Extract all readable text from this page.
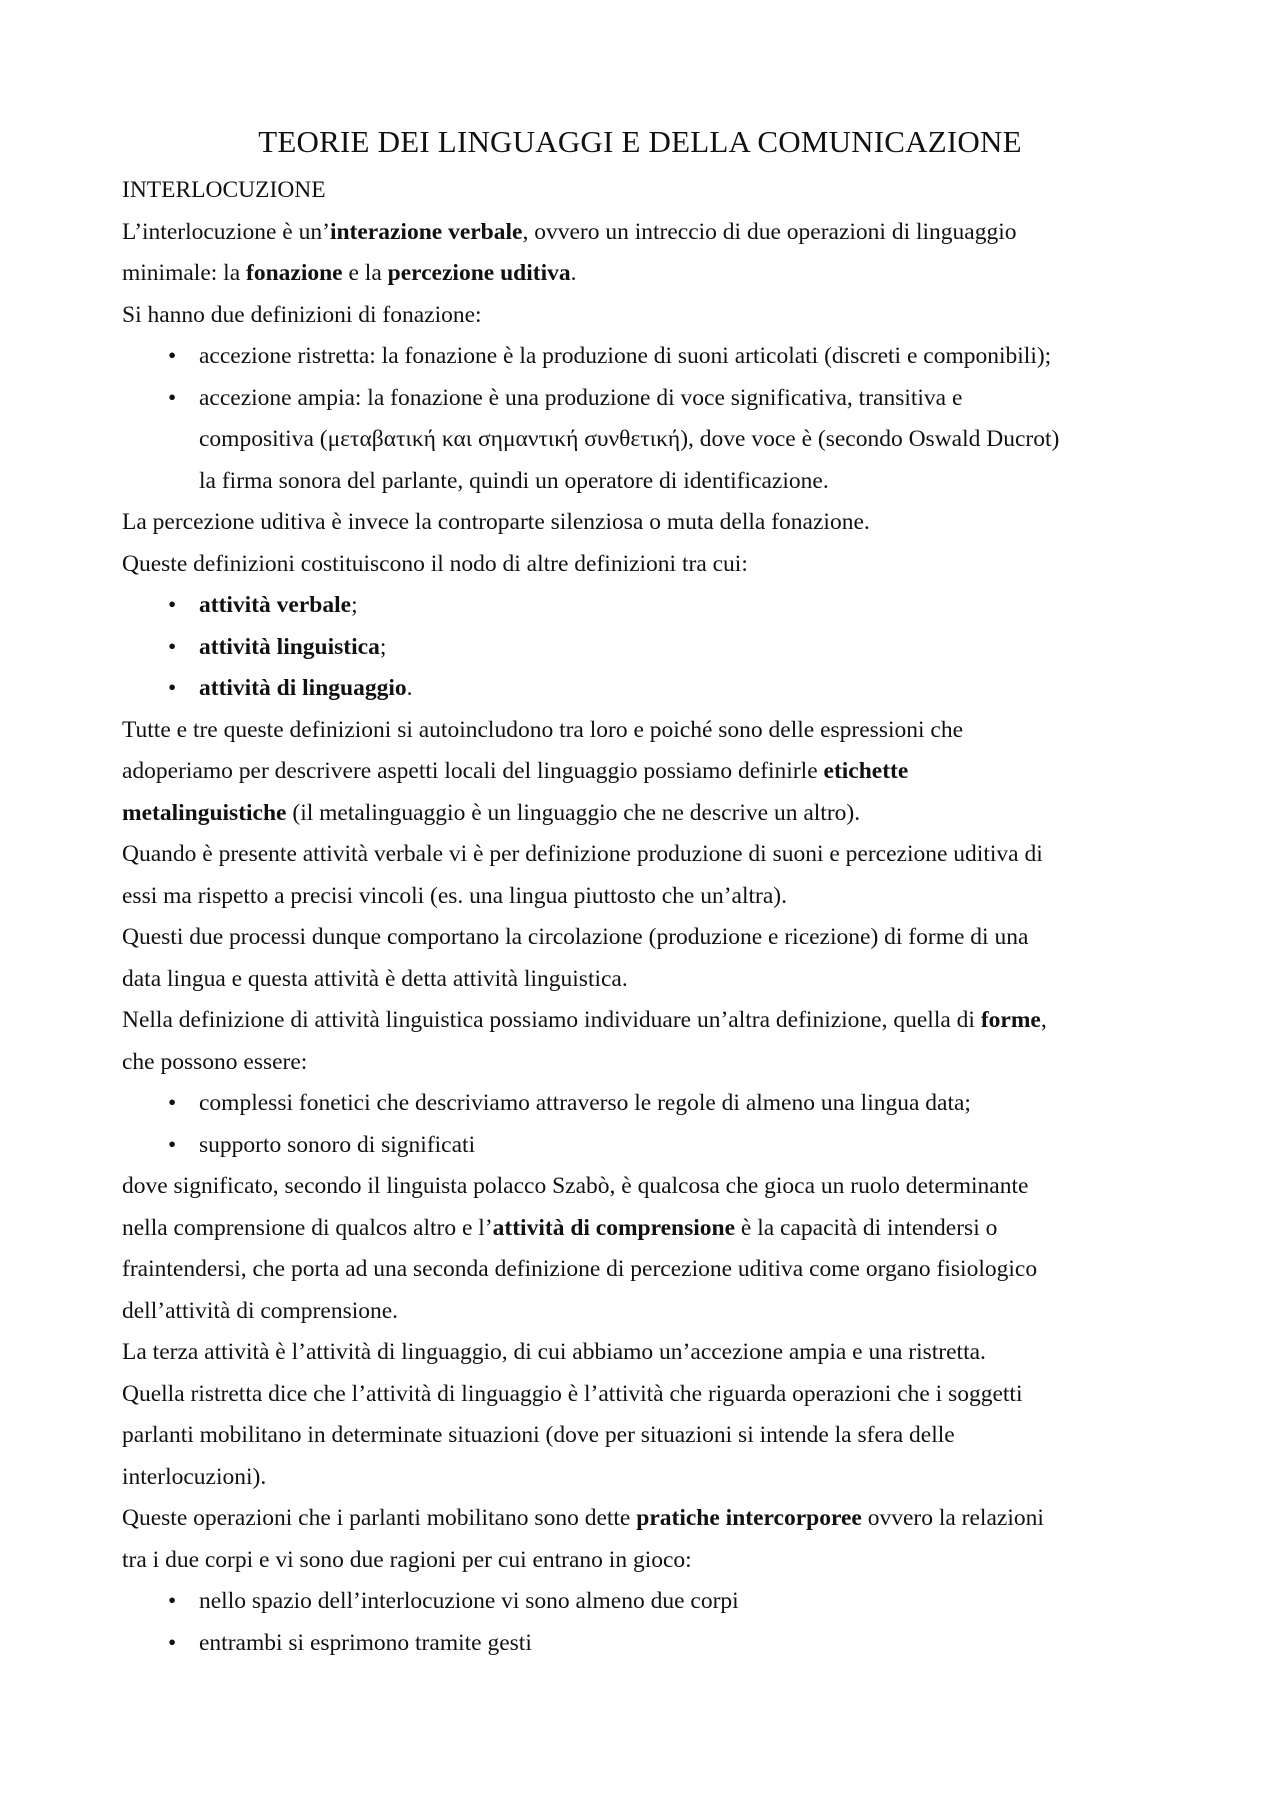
TEORIE DEI LINGUAGGI E DELLA COMUNICAZIONE

INTERLOCUZIONE

L’interlocuzione è un’interazione verbale, ovvero un intreccio di due operazioni di linguaggio

minimale: la fonazione e la percezione uditiva.

Si hanno due definizioni di fonazione:

• accezione ristretta: la fonazione è la produzione di suoni articolati (discreti e componibili);
• accezione ampia: la fonazione è una produzione di voce significativa, transitiva e
compositiva (μεταβατική και σημαντική συνθετική), dove voce è (secondo Oswald Ducrot)
la firma sonora del parlante, quindi un operatore di identificazione.

La percezione uditiva è invece la controparte silenziosa o muta della fonazione.

Queste definizioni costituiscono il nodo di altre definizioni tra cui:

• attività verbale;
• attività linguistica;
• attività di linguaggio.

Tutte e tre queste definizioni si autoincludono tra loro e poiché sono delle espressioni che

adoperiamo per descrivere aspetti locali del linguaggio possiamo definirle etichette

metalinguistiche (il metalinguaggio è un linguaggio che ne descrive un altro).

Quando è presente attività verbale vi è per definizione produzione di suoni e percezione uditiva di

essi ma rispetto a precisi vincoli (es. una lingua piuttosto che un’altra).

Questi due processi dunque comportano la circolazione (produzione e ricezione) di forme di una

data lingua e questa attività è detta attività linguistica.

Nella definizione di attività linguistica possiamo individuare un’altra definizione, quella di forme,

che possono essere:

• complessi fonetici che descriviamo attraverso le regole di almeno una lingua data;
• supporto sonoro di significati

dove significato, secondo il linguista polacco Szabò, è qualcosa che gioca un ruolo determinante

nella comprensione di qualcos altro e l’attività di comprensione è la capacità di intendersi o

fraintendersi, che porta ad una seconda definizione di percezione uditiva come organo fisiologico

dell’attività di comprensione.

La terza attività è l’attività di linguaggio, di cui abbiamo un’accezione ampia e una ristretta.

Quella ristretta dice che l’attività di linguaggio è l’attività che riguarda operazioni che i soggetti

parlanti mobilitano in determinate situazioni (dove per situazioni si intende la sfera delle

interlocuzioni).

Queste operazioni che i parlanti mobilitano sono dette pratiche intercorporee ovvero la relazioni

tra i due corpi e vi sono due ragioni per cui entrano in gioco:

• nello spazio dell’interlocuzione vi sono almeno due corpi
• entrambi si esprimono tramite gesti
